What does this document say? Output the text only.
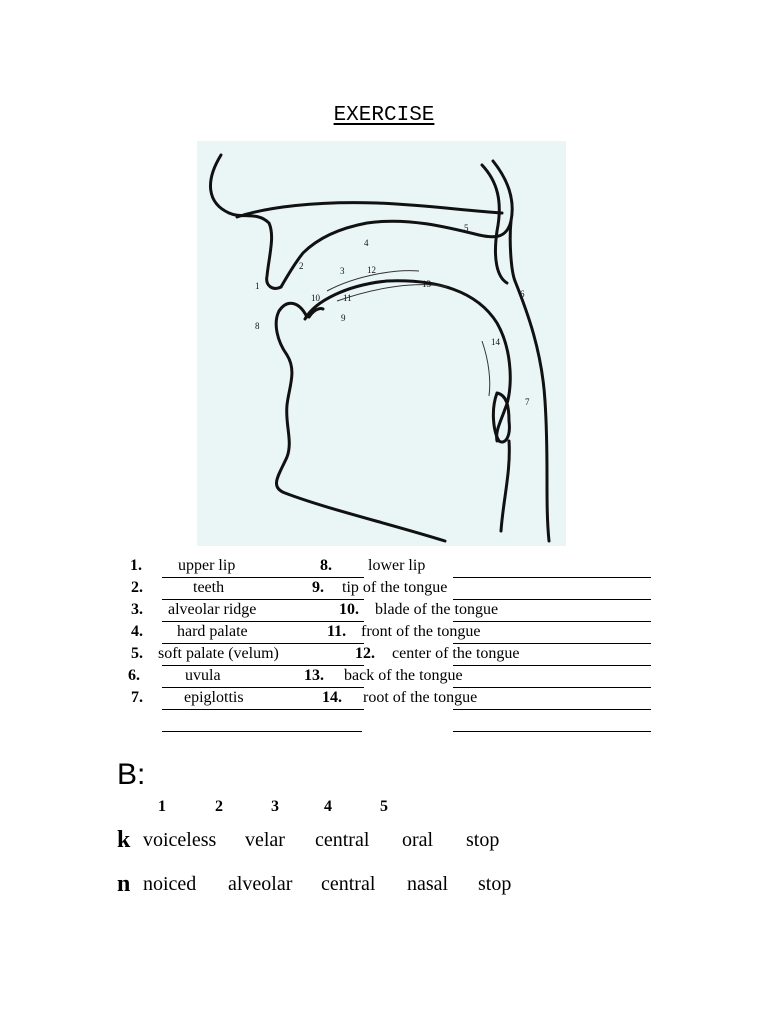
EXERCISE
1
2	3
4
5
6
7
8
9
10	11
12
13
14
1. upper lip
2.	teeth
3. alveolar ridge
4. hard palate
5. soft palate (velum)
6.	uvula
7.	epiglottis
8. lower lip
9. tip of the tongue
10. blade of the tongue
11. front of the tongue
12. center of the tongue
13. back of the tongue
14. root of the tongue
B:
1	2	3	4	5
k voiceless velar central oral stop
n noiced alveolar central nasal stop
